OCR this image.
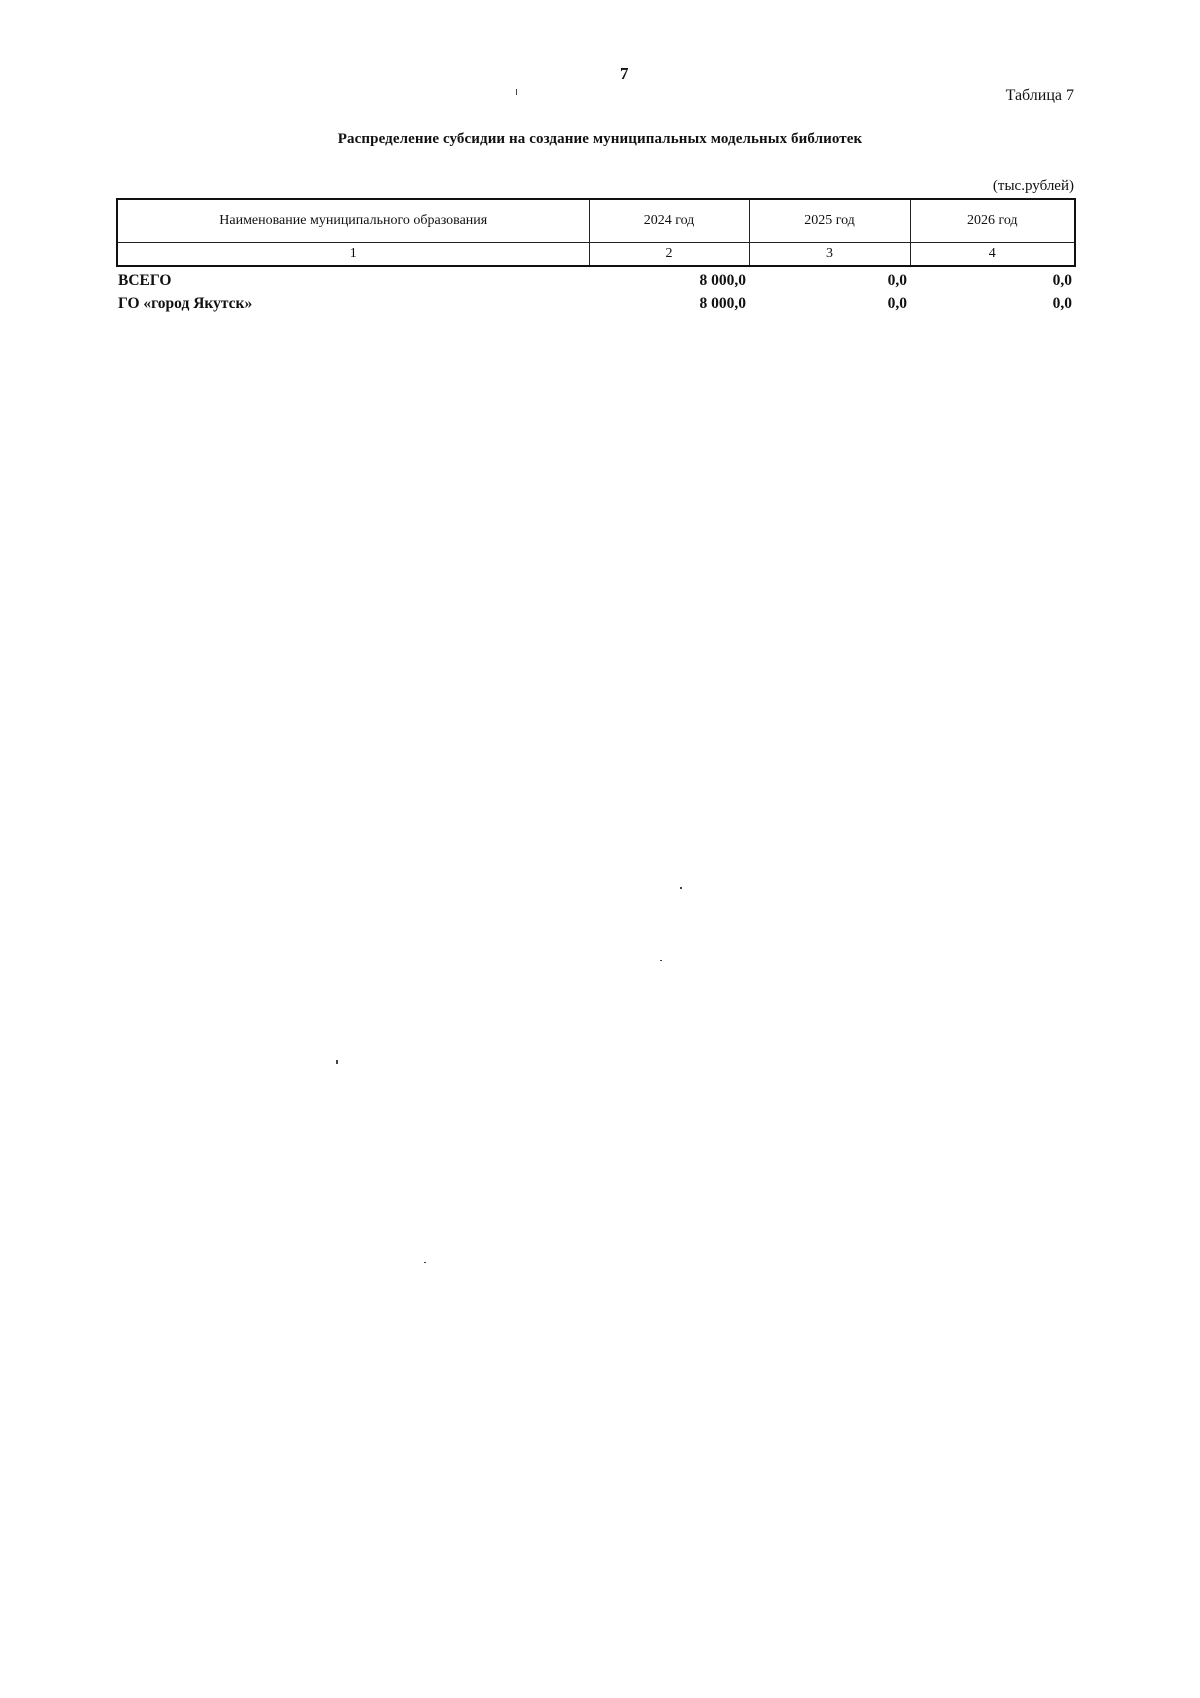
7
Таблица 7
Распределение субсидии на создание муниципальных модельных библиотек
(тыс.рублей)
Наименование муниципального образования	2024 год	2025 год	2026 год
1	2	3	4
ВСЕГО	8 000,0	0,0	0,0
ГО «город Якутск»	8 000,0	0,0	0,0
